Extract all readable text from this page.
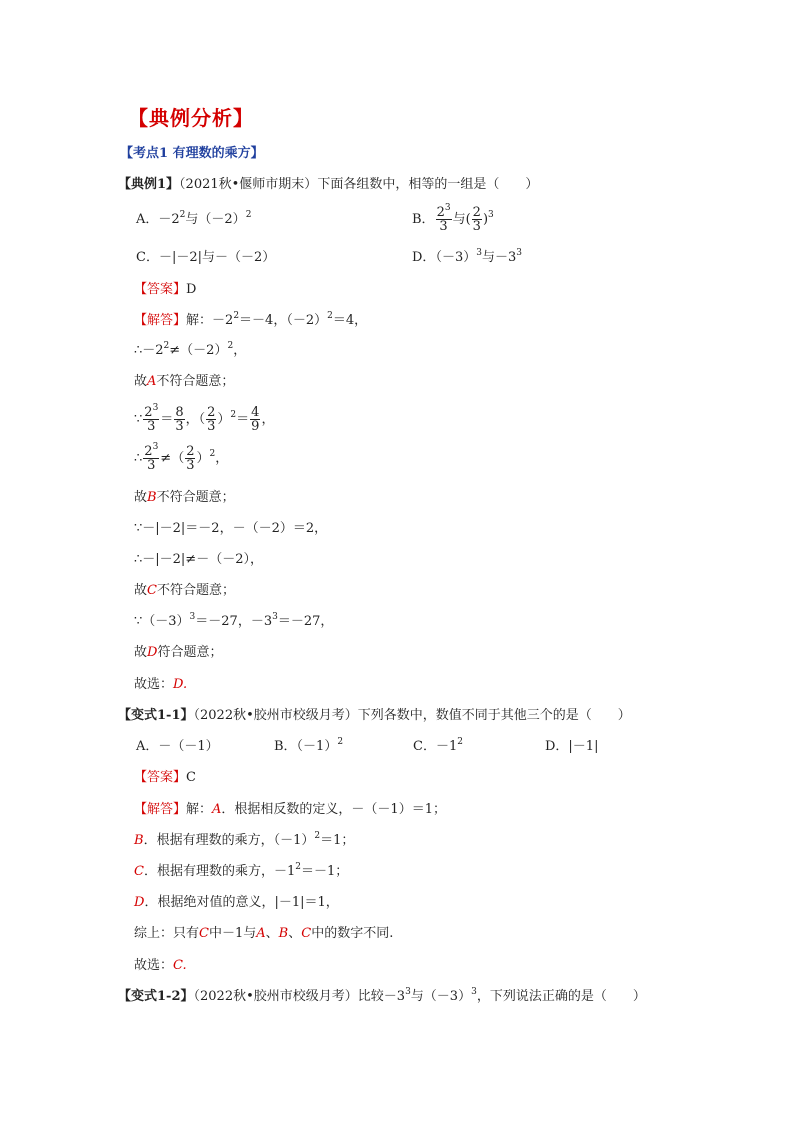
【典例分析】
【考点1 有理数的乘方】
【典例1】（2021秋•偃师市期末）下面各组数中，相等的一组是（　　）
A．$-2^2$与$(-2)^2$	B． $\frac{2^3}{3}$ 与( $\frac{2}{3} )^3$
C．－|－2|与－（－2）	D．$(-3)^3$与$-3^3$
【答案】D
【解答】解：$-2^2=-4$，$(-2)^2=4$，
$\therefore-2^2\ne(-2)^2$，
故A不符合题意；
∵ $\frac{2^3}{3} = \frac{8}{3}$ ，（ $\frac{2}{3} )^2= \frac{4}{9}$ ，
∴ $\frac{2^3}{3}$ ≠（ $\frac{2}{3} )^2$，
故B不符合题意；
∵－|－2|＝－2，－（－2）＝2，
∴－|－2|≠－（－2），
故C不符合题意；
$\because(-3)^3=-27$，$-3^3=-27$，
故D符合题意；
故选：D.
【变式1-1】（2022秋•胶州市校级月考）下列各数中，数值不同于其他三个的是（　　）
A．－（－1）	B．$(-1)^2$	C．$-1^2$	D．|－1|
【答案】C
【解答】解：A．根据相反数的定义，－（－1）＝1；
B．根据有理数的乘方，$(-1)^2=1$；
C．根据有理数的乘方，$-1^2=-1$；
D．根据绝对值的意义，|－1|＝1，
综上：只有C中－1与A、B、C中的数字不同.
故选：C.
【变式1-2】（2022秋•胶州市校级月考）比较$-3^3$与$(-3)^3$，下列说法正确的是（　　）
